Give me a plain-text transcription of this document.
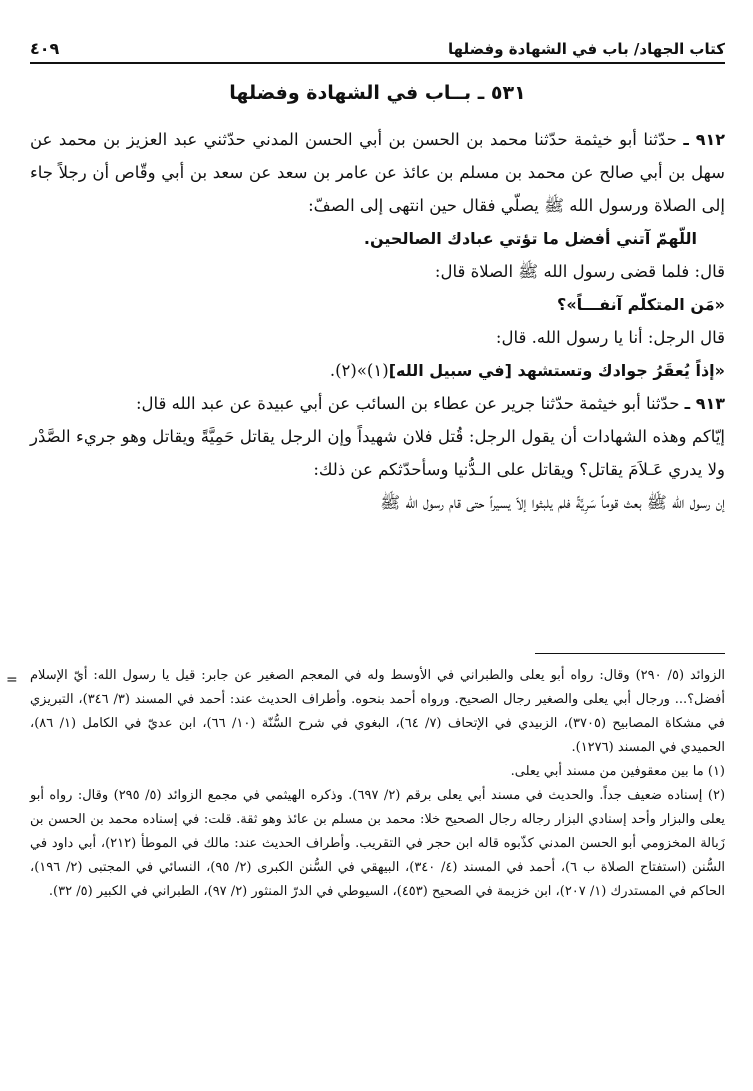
كتاب الجهاد/ باب في الشهادة وفضلها
٤٠٩
٥٣١ ـ بــاب في الشهادة وفضلها

٩١٢ ـ حدّثنا أبو خيثمة حدّثنا محمد بن الحسن بن أبي الحسن المدني حدّثني عبد العزيز بن محمد عن سهل بن أبي صالح عن محمد بن مسلم بن عائذ عن عامر بن سعد عن سعد بن أبي وقّاص أن رجلاً جاء إلى الصلاة ورسول الله ﷺ يصلّي فقال حين انتهى إلى الصفّ:

اللّهمّ آتني أفضل ما تؤتي عبادك الصالحين.

قال: فلما قضى رسول الله ﷺ الصلاة قال:

«مَن المتكلّم آنفـــاً»؟

قال الرجل: أنا يا رسول الله. قال:

«إذاً يُعقَرُ جوادك وتستشهد [في سبيل الله](١)»(٢).

٩١٣ ـ حدّثنا أبو خيثمة حدّثنا جرير عن عطاء بن السائب عن أبي عبيدة عن عبد الله قال:

إيّاكم وهذه الشهادات أن يقول الرجل: قُتل فلان شهيداً وإن الرجل يقاتل حَمِيَّةً ويقاتل وهو جريء الصَّدْر ولا يدري عَـلاَمَ يقاتل؟ ويقاتل على الـدُّنيا وسأحدّثكم عن ذلك:

إن رسول الله ﷺ بعث قوماً سَرِيَّةً فلم يلبثوا إلاّ يسيراً حتى قام رسول الله ﷺ

= الزوائد (٥/ ٢٩٠) وقال: رواه أبو يعلى والطبراني في الأوسط وله في المعجم الصغير عن جابر: قيل يا رسول الله: أيّ الإسلام أفضل؟... ورجال أبي يعلى والصغير رجال الصحيح. ورواه أحمد بنحوه. وأطراف الحديث عند: أحمد في المسند (٣/ ٣٤٦)، التبريزي في مشكاة المصابيح (٣٧٠٥)، الزبيدي في الإتحاف (٧/ ٦٤)، البغوي في شرح السُّنّة (١٠/ ٦٦)، ابن عديّ في الكامل (١/ ٨٦)، الحميدي في المسند (١٢٧٦).

(١) ما بين معقوفين من مسند أبي يعلى.

(٢) إسناده ضعيف جداً. والحديث في مسند أبي يعلى برقم (٢/ ٦٩٧). وذكره الهيثمي في مجمع الزوائد (٥/ ٢٩٥) وقال: رواه أبو يعلى والبزار وأحد إسنادي البزار رجاله رجال الصحيح خلا: محمد بن مسلم بن عائذ وهو ثقة. قلت: في إسناده محمد بن الحسن بن زَبالة المخزومي أبو الحسن المدني كذّبوه قاله ابن حجر في التقريب. وأطراف الحديث عند: مالك في الموطأ (٢١٢)، أبي داود في السُّنن (استفتاح الصلاة ب ٦)، أحمد في المسند (٤/ ٣٤٠)، البيهقي في السُّنن الكبرى (٢/ ٩٥)، النسائي في المجتبى (٢/ ١٩٦)، الحاكم في المستدرك (١/ ٢٠٧)، ابن خزيمة في الصحيح (٤٥٣)، السيوطي في الدرّ المنثور (٢/ ٩٧)، الطبراني في الكبير (٥/ ٣٢).
